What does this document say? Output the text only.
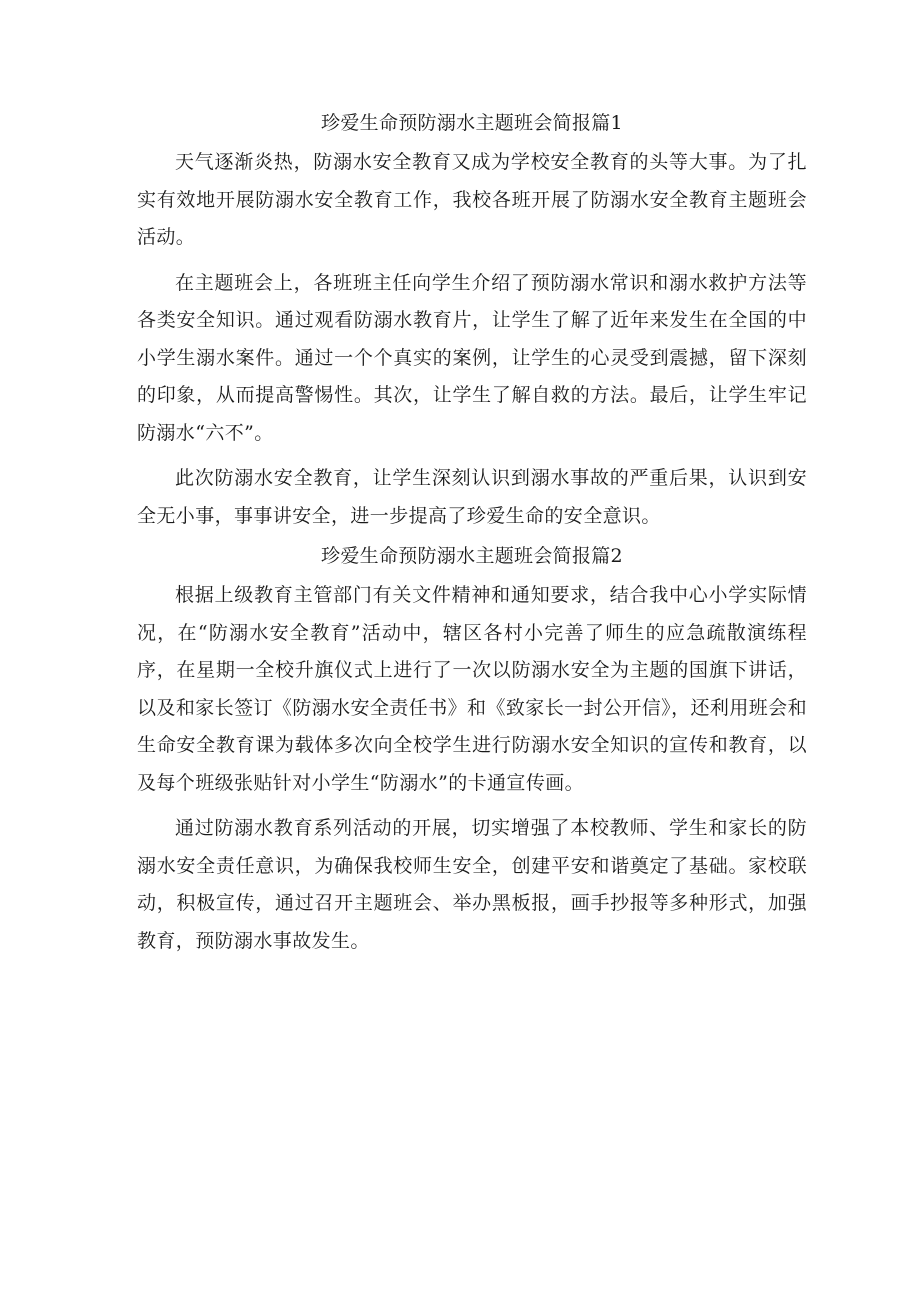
珍爱生命预防溺水主题班会简报篇1

天气逐渐炎热，防溺水安全教育又成为学校安全教育的头等大事。为了扎实有效地开展防溺水安全教育工作，我校各班开展了防溺水安全教育主题班会活动。

在主题班会上，各班班主任向学生介绍了预防溺水常识和溺水救护方法等各类安全知识。通过观看防溺水教育片，让学生了解了近年来发生在全国的中小学生溺水案件。通过一个个真实的案例，让学生的心灵受到震撼，留下深刻的印象，从而提高警惕性。其次，让学生了解自救的方法。最后，让学生牢记防溺水“六不”。

此次防溺水安全教育，让学生深刻认识到溺水事故的严重后果，认识到安全无小事，事事讲安全，进一步提高了珍爱生命的安全意识。

珍爱生命预防溺水主题班会简报篇2

根据上级教育主管部门有关文件精神和通知要求，结合我中心小学实际情况，在“防溺水安全教育”活动中，辖区各村小完善了师生的应急疏散演练程序，在星期一全校升旗仪式上进行了一次以防溺水安全为主题的国旗下讲话，以及和家长签订《防溺水安全责任书》和《致家长一封公开信》，还利用班会和生命安全教育课为载体多次向全校学生进行防溺水安全知识的宣传和教育，以及每个班级张贴针对小学生“防溺水”的卡通宣传画。

通过防溺水教育系列活动的开展，切实增强了本校教师、学生和家长的防溺水安全责任意识，为确保我校师生安全，创建平安和谐奠定了基础。家校联动，积极宣传，通过召开主题班会、举办黑板报，画手抄报等多种形式，加强教育，预防溺水事故发生。
